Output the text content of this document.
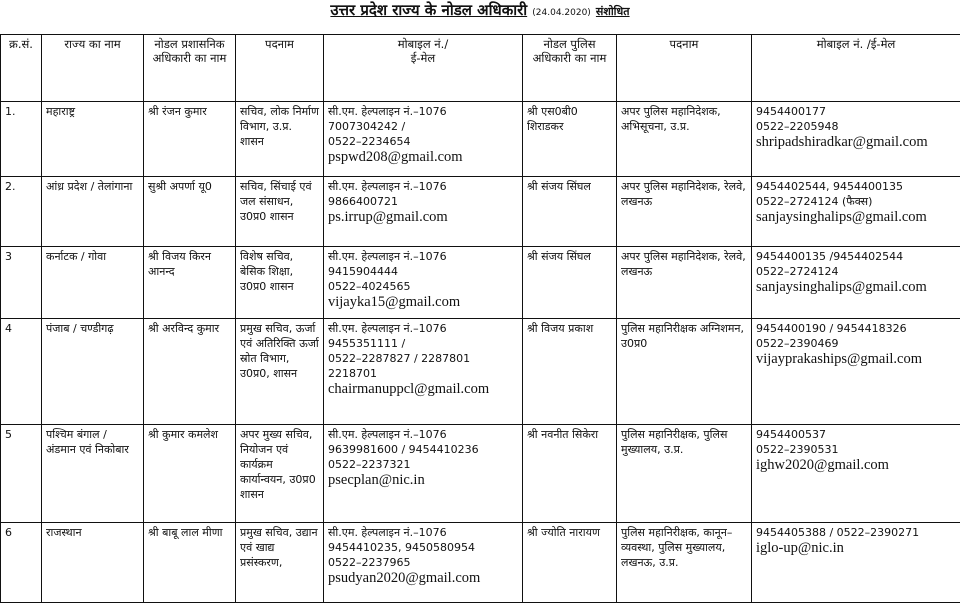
उत्तर प्रदेश राज्य के नोडल अधिकारी (24.04.2020) संशोधित
क्र.सं.	राज्य का नाम	नोडल प्रशासनिक अधिकारी का नाम	पदनाम	मोबाइल नं./
ई-मेल	नोडल पुलिस अधिकारी का नाम	पदनाम	मोबाइल नं. /ई-मेल
1.	महाराष्ट्र	श्री रंजन कुमार	सचिव, लोक निर्माण विभाग, उ.प्र. शासन	सी.एम. हेल्पलाइन नं.–1076
7007304242 /
0522–2234654
pspwd208@gmail.com	श्री एस0बी0 शिराडकर	अपर पुलिस महानिदेशक, अभिसूचना, उ.प्र.	9454400177
0522–2205948
shripadshiradkar@gmail.com

2.	आंध्र प्रदेश / तेलांगाना	सुश्री अपर्णा यू0	सचिव, सिंचाई एवं जल संसाधन, उ0प्र0 शासन	सी.एम. हेल्पलाइन नं.–1076
9866400721
ps.irrup@gmail.com	श्री संजय सिंघल	अपर पुलिस महानिदेशक, रेलवे, लखनऊ	9454402544, 9454400135
0522–2724124 (फैक्स)
sanjaysinghalips@gmail.com

3	कर्नाटक / गोवा	श्री विजय किरन आनन्द	विशेष सचिव, बेसिक शिक्षा, उ0प्र0 शासन	सी.एम. हेल्पलाइन नं.–1076
9415904444
0522–4024565
vijayka15@gmail.com	श्री संजय सिंघल	अपर पुलिस महानिदेशक, रेलवे, लखनऊ	9454400135 /9454402544
0522–2724124
sanjaysinghalips@gmail.com

4	पंजाब / चण्डीगढ़	श्री अरविन्द कुमार	प्रमुख सचिव, ऊर्जा एवं अतिरिक्ति ऊर्जा स्रोत विभाग, उ0प्र0, शासन	सी.एम. हेल्पलाइन नं.–1076
9455351111 /
0522–2287827 / 2287801
2218701
chairmanuppcl@gmail.com	श्री विजय प्रकाश	पुलिस महानिरीक्षक अग्निशमन, उ0प्र0	9454400190 / 9454418326
0522–2390469
vijayprakaships@gmail.com

5	पश्चिम बंगाल / अंडमान एवं निकोबार	श्री कुमार कमलेश	अपर मुख्य सचिव, नियोजन एवं कार्यक्रम कार्यान्वयन, उ0प्र0 शासन	सी.एम. हेल्पलाइन नं.–1076
9639981600 / 9454410236
0522–2237321
psecplan@nic.in	श्री नवनीत सिकेरा	पुलिस महानिरीक्षक, पुलिस मुख्यालय, उ.प्र.	9454400537
0522–2390531
ighw2020@gmail.com

6	राजस्थान	श्री बाबू लाल मीणा	प्रमुख सचिव, उद्यान एवं खाद्य प्रसंस्करण,	सी.एम. हेल्पलाइन नं.–1076
9454410235, 9450580954
0522–2237965
psudyan2020@gmail.com	श्री ज्योति नारायण	पुलिस महानिरीक्षक, कानून–व्यवस्था, पुलिस मुख्यालय, लखनऊ, उ.प्र.	9454405388 / 0522–2390271
iglo-up@nic.in
